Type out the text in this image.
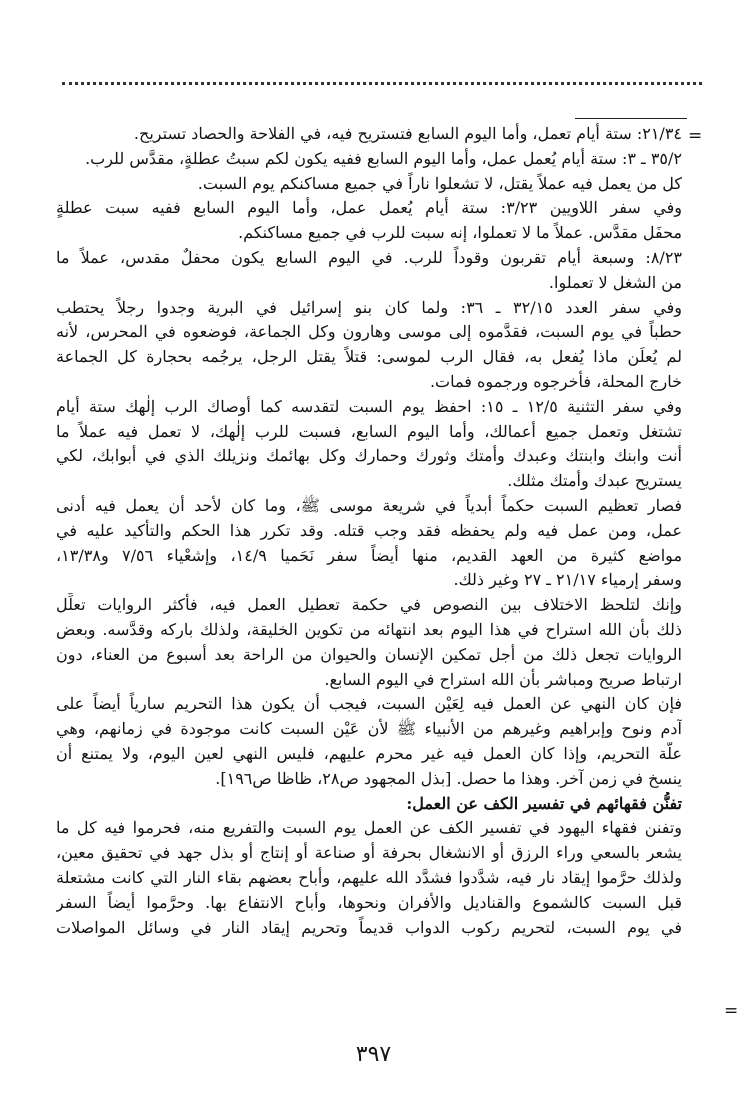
=
٢١/٣٤: ستة أيام تعمل، وأما اليوم السابع فتستريح فيه، في الفلاحة والحصاد تستريح.
٣٥/٢ ـ ٣: ستة أيام يُعمل عمل، وأما اليوم السابع ففيه يكون لكم سبتُ عطلةٍ، مقدَّس للرب.
كل من يعمل فيه عملاً يقتل، لا تشعلوا ناراً في جميع مساكنكم يوم السبت.
وفي سفر اللاويين ٣/٢٣: ستة أيام يُعمل عمل، وأما اليوم السابع ففيه سبت عطلةٍ
محفَل مقدَّس. عملاً ما لا تعملوا، إنه سبت للرب في جميع مساكنكم.
٨/٢٣: وسبعة أيام تقربون وقوداً للرب. في اليوم السابع يكون محفلٌ مقدس، عملاً ما
من الشغل لا تعملوا.
وفي سفر العدد ٣٢/١٥ ـ ٣٦: ولما كان بنو إسرائيل في البرية وجدوا رجلاً يحتطب
حطباً في يوم السبت، فقدَّموه إلى موسى وهارون وكل الجماعة، فوضعوه في المحرس، لأنه
لم يُعلَن ماذا يُفعل به، فقال الرب لموسى: قتلاً يقتل الرجل، يرجُمه بحجارة كل الجماعة
خارج المحلة، فأخرجوه ورجموه فمات.
وفي سفر التثنية ١٢/٥ ـ ١٥: احفظ يوم السبت لتقدسه كما أوصاك الرب إلٰهك ستة أيام
تشتغل وتعمل جميع أعمالك، وأما اليوم السابع، فسبت للرب إلٰهك، لا تعمل فيه عملاً ما
أنت وابنك وابنتك وعبدك وأمتك وثورك وحمارك وكل بهائمك ونزيلك الذي في أبوابك، لكي
يستريح عبدك وأمتك مثلك.
فصار تعظيم السبت حكماً أبدياً في شريعة موسى ﷺ، وما كان لأحد أن يعمل فيه أدنى
عمل، ومن عمل فيه ولم يحفظه فقد وجب قتله. وقد تكرر هذا الحكم والتأكيد عليه في
مواضع كثيرة من العهد القديم، منها أيضاً سفر نَحَميا ١٤/٩، وإشعْياء ٧/٥٦ و١٣/٣٨،
وسفر إرمياء ٢١/١٧ ـ ٢٧ وغير ذلك.
وإنك لتلحظ الاختلاف بين النصوص في حكمة تعطيل العمل فيه، فأكثر الروايات تعلِّل
ذلك بأن الله استراح في هذا اليوم بعد انتهائه من تكوين الخليقة، ولذلك باركه وقدَّسه. وبعض
الروايات تجعل ذلك من أجل تمكين الإنسان والحيوان من الراحة بعد أسبوع من العناء، دون
ارتباط صريح ومباشر بأن الله استراح في اليوم السابع.
فإن كان النهي عن العمل فيه لِعَيْن السبت، فيجب أن يكون هذا التحريم سارياً أيضاً على
آدم ونوح وإبراهيم وغيرهم من الأنبياء ﷺ لأن عَيْن السبت كانت موجودة في زمانهم، وهي
علَّة التحريم، وإذا كان العمل فيه غير محرم عليهم، فليس النهي لعين اليوم، ولا يمتنع أن
ينسخ في زمن آخر. وهذا ما حصل. [بذل المجهود ص٢٨، ظاظا ص١٩٦].
تفنُّن فقهائهم في تفسير الكف عن العمل:
وتفنن فقهاء اليهود في تفسير الكف عن العمل يوم السبت والتفريع منه، فحرموا فيه كل ما
يشعر بالسعي وراء الرزق أو الانشغال بحرفة أو صناعة أو إنتاج أو بذل جهد في تحقيق معين،
ولذلك حرَّموا إيقاد نار فيه، شدَّدوا فشدَّد الله عليهم، وأباح بعضهم بقاء النار التي كانت مشتعلة
قبل السبت كالشموع والقناديل والأفران ونحوها، وأباح الانتفاع بها. وحرَّموا أيضاً السفر
في يوم السبت، لتحريم ركوب الدواب قديماً وتحريم إيقاد النار في وسائل المواصلات
=
٣٩٧
